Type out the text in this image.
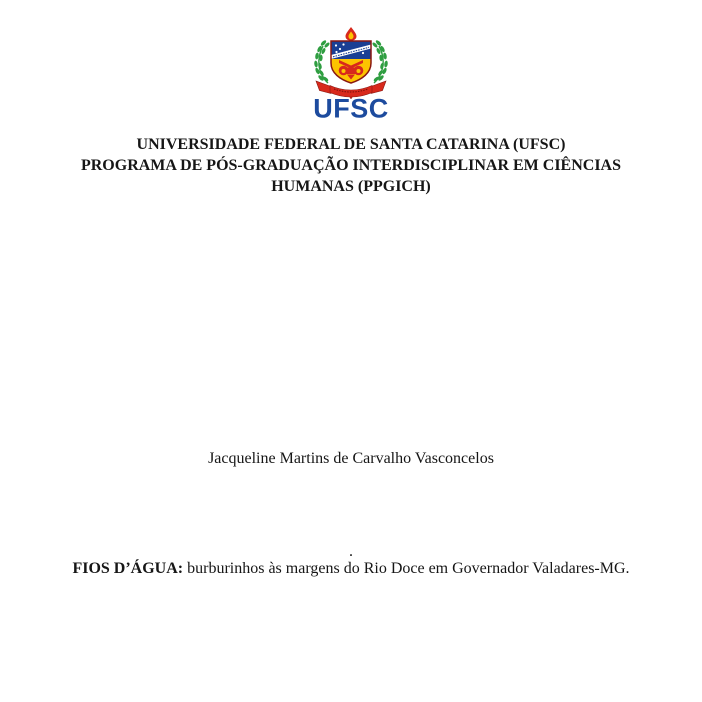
UFSC
UNIVERSIDADE FEDERAL DE SANTA CATARINA (UFSC)
PROGRAMA DE PÓS-GRADUAÇÃO INTERDISCIPLINAR EM CIÊNCIAS
HUMANAS (PPGICH)
Jacqueline Martins de Carvalho Vasconcelos
.
FIOS D’ÁGUA: burburinhos às margens do Rio Doce em Governador Valadares-MG.
